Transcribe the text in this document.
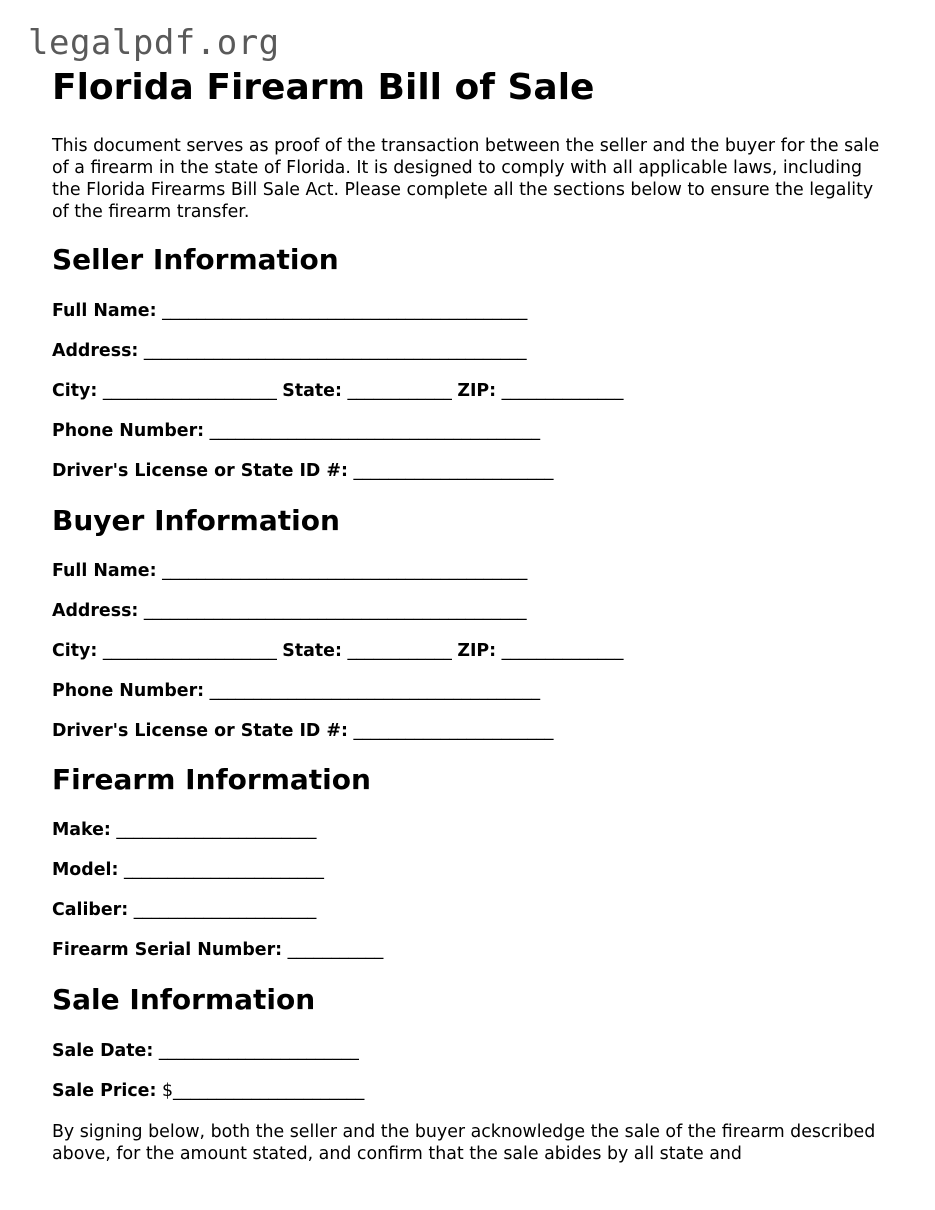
legalpdf.org
Florida Firearm Bill of Sale

This document serves as proof of the transaction between the seller and the buyer for the sale of a firearm in the state of Florida. It is designed to comply with all applicable laws, including the Florida Firearms Bill Sale Act. Please complete all the sections below to ensure the legality of the firearm transfer.

Seller Information
Full Name: __________________________________________
Address: ____________________________________________
City: ____________________ State: ____________ ZIP: ______________
Phone Number: ______________________________________
Driver's License or State ID #: _______________________
Buyer Information
Full Name: __________________________________________
Address: ____________________________________________
City: ____________________ State: ____________ ZIP: ______________
Phone Number: ______________________________________
Driver's License or State ID #: _______________________
Firearm Information
Make: _______________________
Model: _______________________
Caliber: _____________________
Firearm Serial Number: ___________
Sale Information
Sale Date: _______________________
Sale Price: $______________________

By signing below, both the seller and the buyer acknowledge the sale of the firearm described above, for the amount stated, and confirm that the sale abides by all state and
